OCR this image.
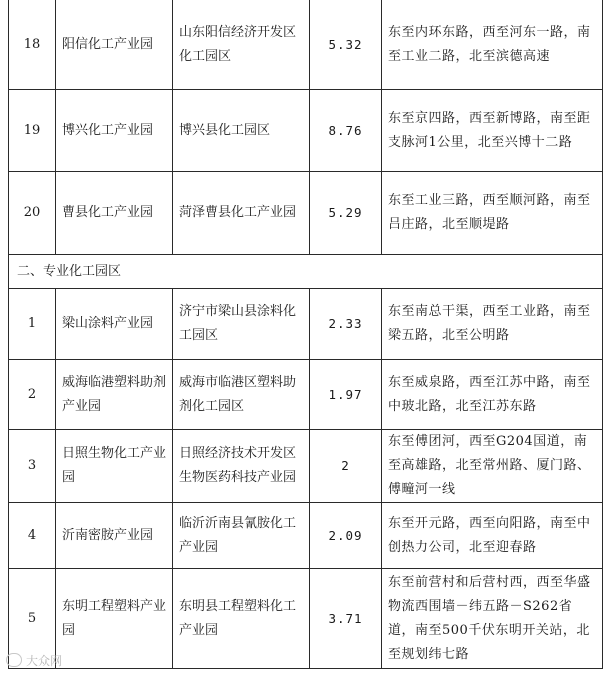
18	阳信化工产业园	山东阳信经济开发区化工园区	5.32	东至内环东路，西至河东一路，南至工业二路，北至滨德高速
19	博兴化工产业园	博兴县化工园区	8.76	东至京四路，西至新博路，南至距支脉河1公里，北至兴博十二路
20	曹县化工产业园	菏泽曹县化工产业园	5.29	东至工业三路，西至顺河路，南至吕庄路，北至顺堤路
二、专业化工园区				
1	梁山涂料产业园	济宁市梁山县涂料化工园区	2.33	东至南总干渠，西至工业路，南至梁五路，北至公明路
2	威海临港塑料助剂产业园	威海市临港区塑料助剂化工园区	1.97	东至威泉路，西至江苏中路，南至中玻北路，北至江苏东路
3	日照生物化工产业园	日照经济技术开发区生物医药科技产业园	2	东至傅团河，西至G204国道，南至高雄路，北至常州路、厦门路、傅疃河一线
4	沂南密胺产业园	临沂沂南县氰胺化工产业园	2.09	东至开元路，西至向阳路，南至中创热力公司，北至迎春路
5	东明工程塑料产业园	东明县工程塑料化工产业园	3.71	东至前营村和后营村西，西至华盛物流西围墙－纬五路－S262省道，南至500千伏东明开关站，北至规划纬七路
大众网
